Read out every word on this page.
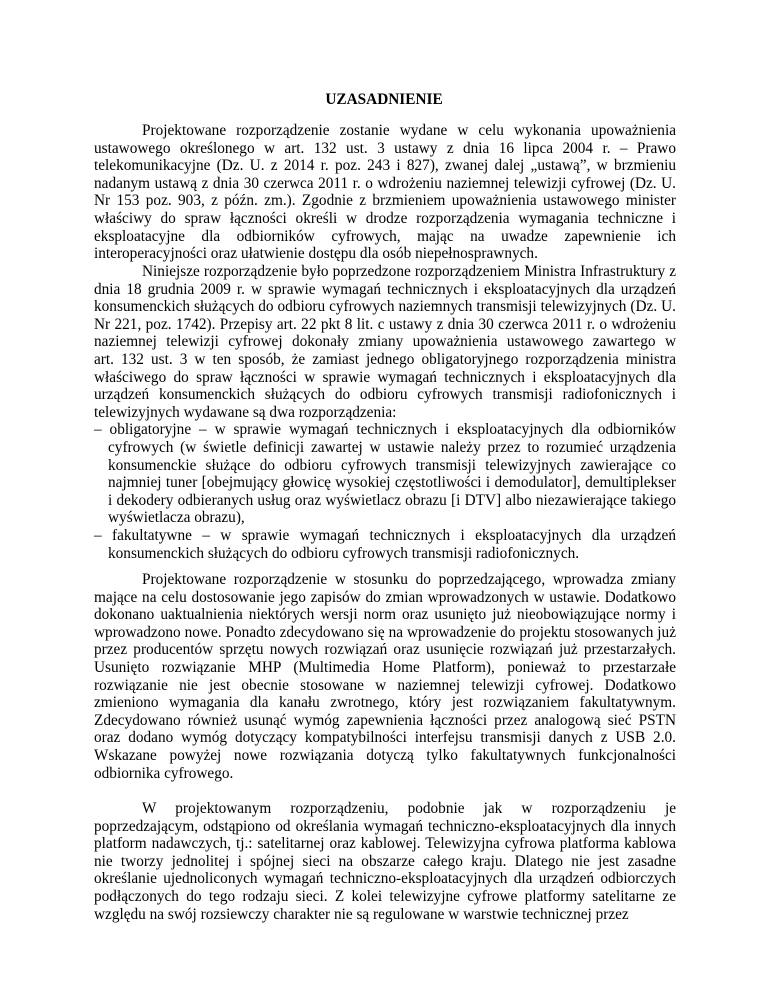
UZASADNIENIE

Projektowane rozporządzenie zostanie wydane w celu wykonania upoważnienia ustawowego określonego w art. 132 ust. 3 ustawy z dnia 16 lipca 2004 r. – Prawo telekomunikacyjne (Dz. U. z 2014 r. poz. 243 i 827), zwanej dalej „ustawą”, w brzmieniu nadanym ustawą z dnia 30 czerwca 2011 r. o wdrożeniu naziemnej telewizji cyfrowej (Dz. U. Nr 153 poz. 903, z późn. zm.). Zgodnie z brzmieniem upoważnienia ustawowego minister właściwy do spraw łączności określi w drodze rozporządzenia wymagania techniczne i eksploatacyjne dla odbiorników cyfrowych, mając na uwadze zapewnienie ich interoperacyjności oraz ułatwienie dostępu dla osób niepełnosprawnych.

Niniejsze rozporządzenie było poprzedzone rozporządzeniem Ministra Infrastruktury z dnia 18 grudnia 2009 r. w sprawie wymagań technicznych i eksploatacyjnych dla urządzeń konsumenckich służących do odbioru cyfrowych naziemnych transmisji telewizyjnych (Dz. U. Nr 221, poz. 1742). Przepisy art. 22 pkt 8 lit. c ustawy z dnia 30 czerwca 2011 r. o wdrożeniu naziemnej telewizji cyfrowej dokonały zmiany upoważnienia ustawowego zawartego w

art. 132 ust. 3 w ten sposób, że zamiast jednego obligatoryjnego rozporządzenia ministra właściwego do spraw łączności w sprawie wymagań technicznych i eksploatacyjnych dla urządzeń konsumenckich służących do odbioru cyfrowych transmisji radiofonicznych i telewizyjnych wydawane są dwa rozporządzenia:

– obligatoryjne – w sprawie wymagań technicznych i eksploatacyjnych dla odbiorników cyfrowych (w świetle definicji zawartej w ustawie należy przez to rozumieć urządzenia konsumenckie służące do odbioru cyfrowych transmisji telewizyjnych zawierające co najmniej tuner [obejmujący głowicę wysokiej częstotliwości i demodulator], demultiplekser i dekodery odbieranych usług oraz wyświetlacz obrazu [i DTV] albo niezawierające takiego wyświetlacza obrazu),

– fakultatywne – w sprawie wymagań technicznych i eksploatacyjnych dla urządzeń konsumenckich służących do odbioru cyfrowych transmisji radiofonicznych.

Projektowane rozporządzenie w stosunku do poprzedzającego, wprowadza zmiany mające na celu dostosowanie jego zapisów do zmian wprowadzonych w ustawie. Dodatkowo dokonano uaktualnienia niektórych wersji norm oraz usunięto już nieobowiązujące normy i wprowadzono nowe. Ponadto zdecydowano się na wprowadzenie do projektu stosowanych już przez producentów sprzętu nowych rozwiązań oraz usunięcie rozwiązań już przestarzałych. Usunięto rozwiązanie MHP (Multimedia Home Platform), ponieważ to przestarzałe rozwiązanie nie jest obecnie stosowane w naziemnej telewizji cyfrowej. Dodatkowo zmieniono wymagania dla kanału zwrotnego, który jest rozwiązaniem fakultatywnym. Zdecydowano również usunąć wymóg zapewnienia łączności przez analogową sieć PSTN oraz dodano wymóg dotyczący kompatybilności interfejsu transmisji danych z USB 2.0. Wskazane powyżej nowe rozwiązania dotyczą tylko fakultatywnych funkcjonalności odbiornika cyfrowego.

W projektowanym rozporządzeniu, podobnie jak w rozporządzeniu je poprzedzającym, odstąpiono od określania wymagań techniczno-eksploatacyjnych dla innych platform nadawczych, tj.: satelitarnej oraz kablowej. Telewizyjna cyfrowa platforma kablowa nie tworzy jednolitej i spójnej sieci na obszarze całego kraju. Dlatego nie jest zasadne określanie ujednoliconych wymagań techniczno-eksploatacyjnych dla urządzeń odbiorczych podłączonych do tego rodzaju sieci. Z kolei telewizyjne cyfrowe platformy satelitarne ze względu na swój rozsiewczy charakter nie są regulowane w warstwie technicznej przez
